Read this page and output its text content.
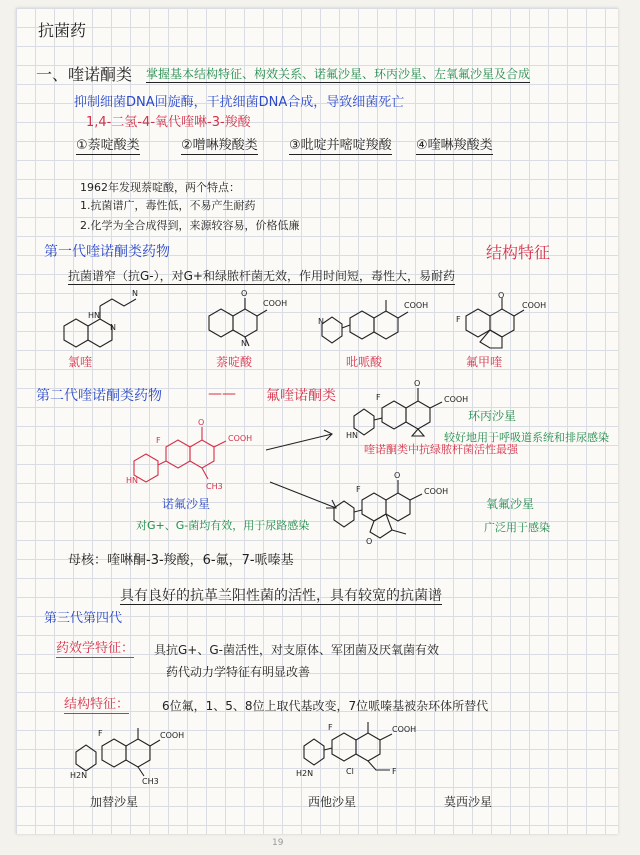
抗菌药
一、喹诺酮类 掌握基本结构特征、构效关系、诺氟沙星、环丙沙星、左氧氟沙星及合成
抑制细菌DNA回旋酶，干扰细菌DNA合成，导致细菌死亡
1,4-二氢-4-氧代喹啉-3-羧酸
①萘啶酸类	②噌啉羧酸类 ③吡啶并嘧啶羧酸 ④喹啉羧酸类
1962年发现萘啶酸，两个特点：
1.抗菌谱广，毒性低，不易产生耐药
2.化学为全合成得到，来源较容易，价格低廉
第一代喹诺酮类药物	结构特征
抗菌谱窄（抗G-），对G+和绿脓杆菌无效，作用时间短，毒性大，易耐药
HN
N
N	O
COOH
N
COOH
N	F
O
COOH
氯喹	萘啶酸	吡哌酸	氟甲喹
第二代喹诺酮类药物	—— 氟喹诺酮类
F
O
COOH
HN
CH3
F
O
COOH
HN
喹诺酮类中抗绿脓杆菌活性最强
环丙沙星
较好地用于呼吸道系统和排尿感染
F
O
COOH
O
氧氟沙星
广泛用于感染
诺氟沙星
对G+、G-菌均有效，用于尿路感染
母核：喹啉酮-3-羧酸，6-氟，7-哌嗪基
具有良好的抗革兰阳性菌的活性，具有较宽的抗菌谱
第三代第四代
药效学特征： 具抗G+、G-菌活性，对支原体、军团菌及厌氧菌有效
药代动力学特征有明显改善
结构特征：	6位氟，1、5、8位上取代基改变，7位哌嗪基被杂环体所替代
F	COOH
H2N
CH3
F	COOH
Cl
H2N	F
加替沙星	西他沙星	莫西沙星
19
